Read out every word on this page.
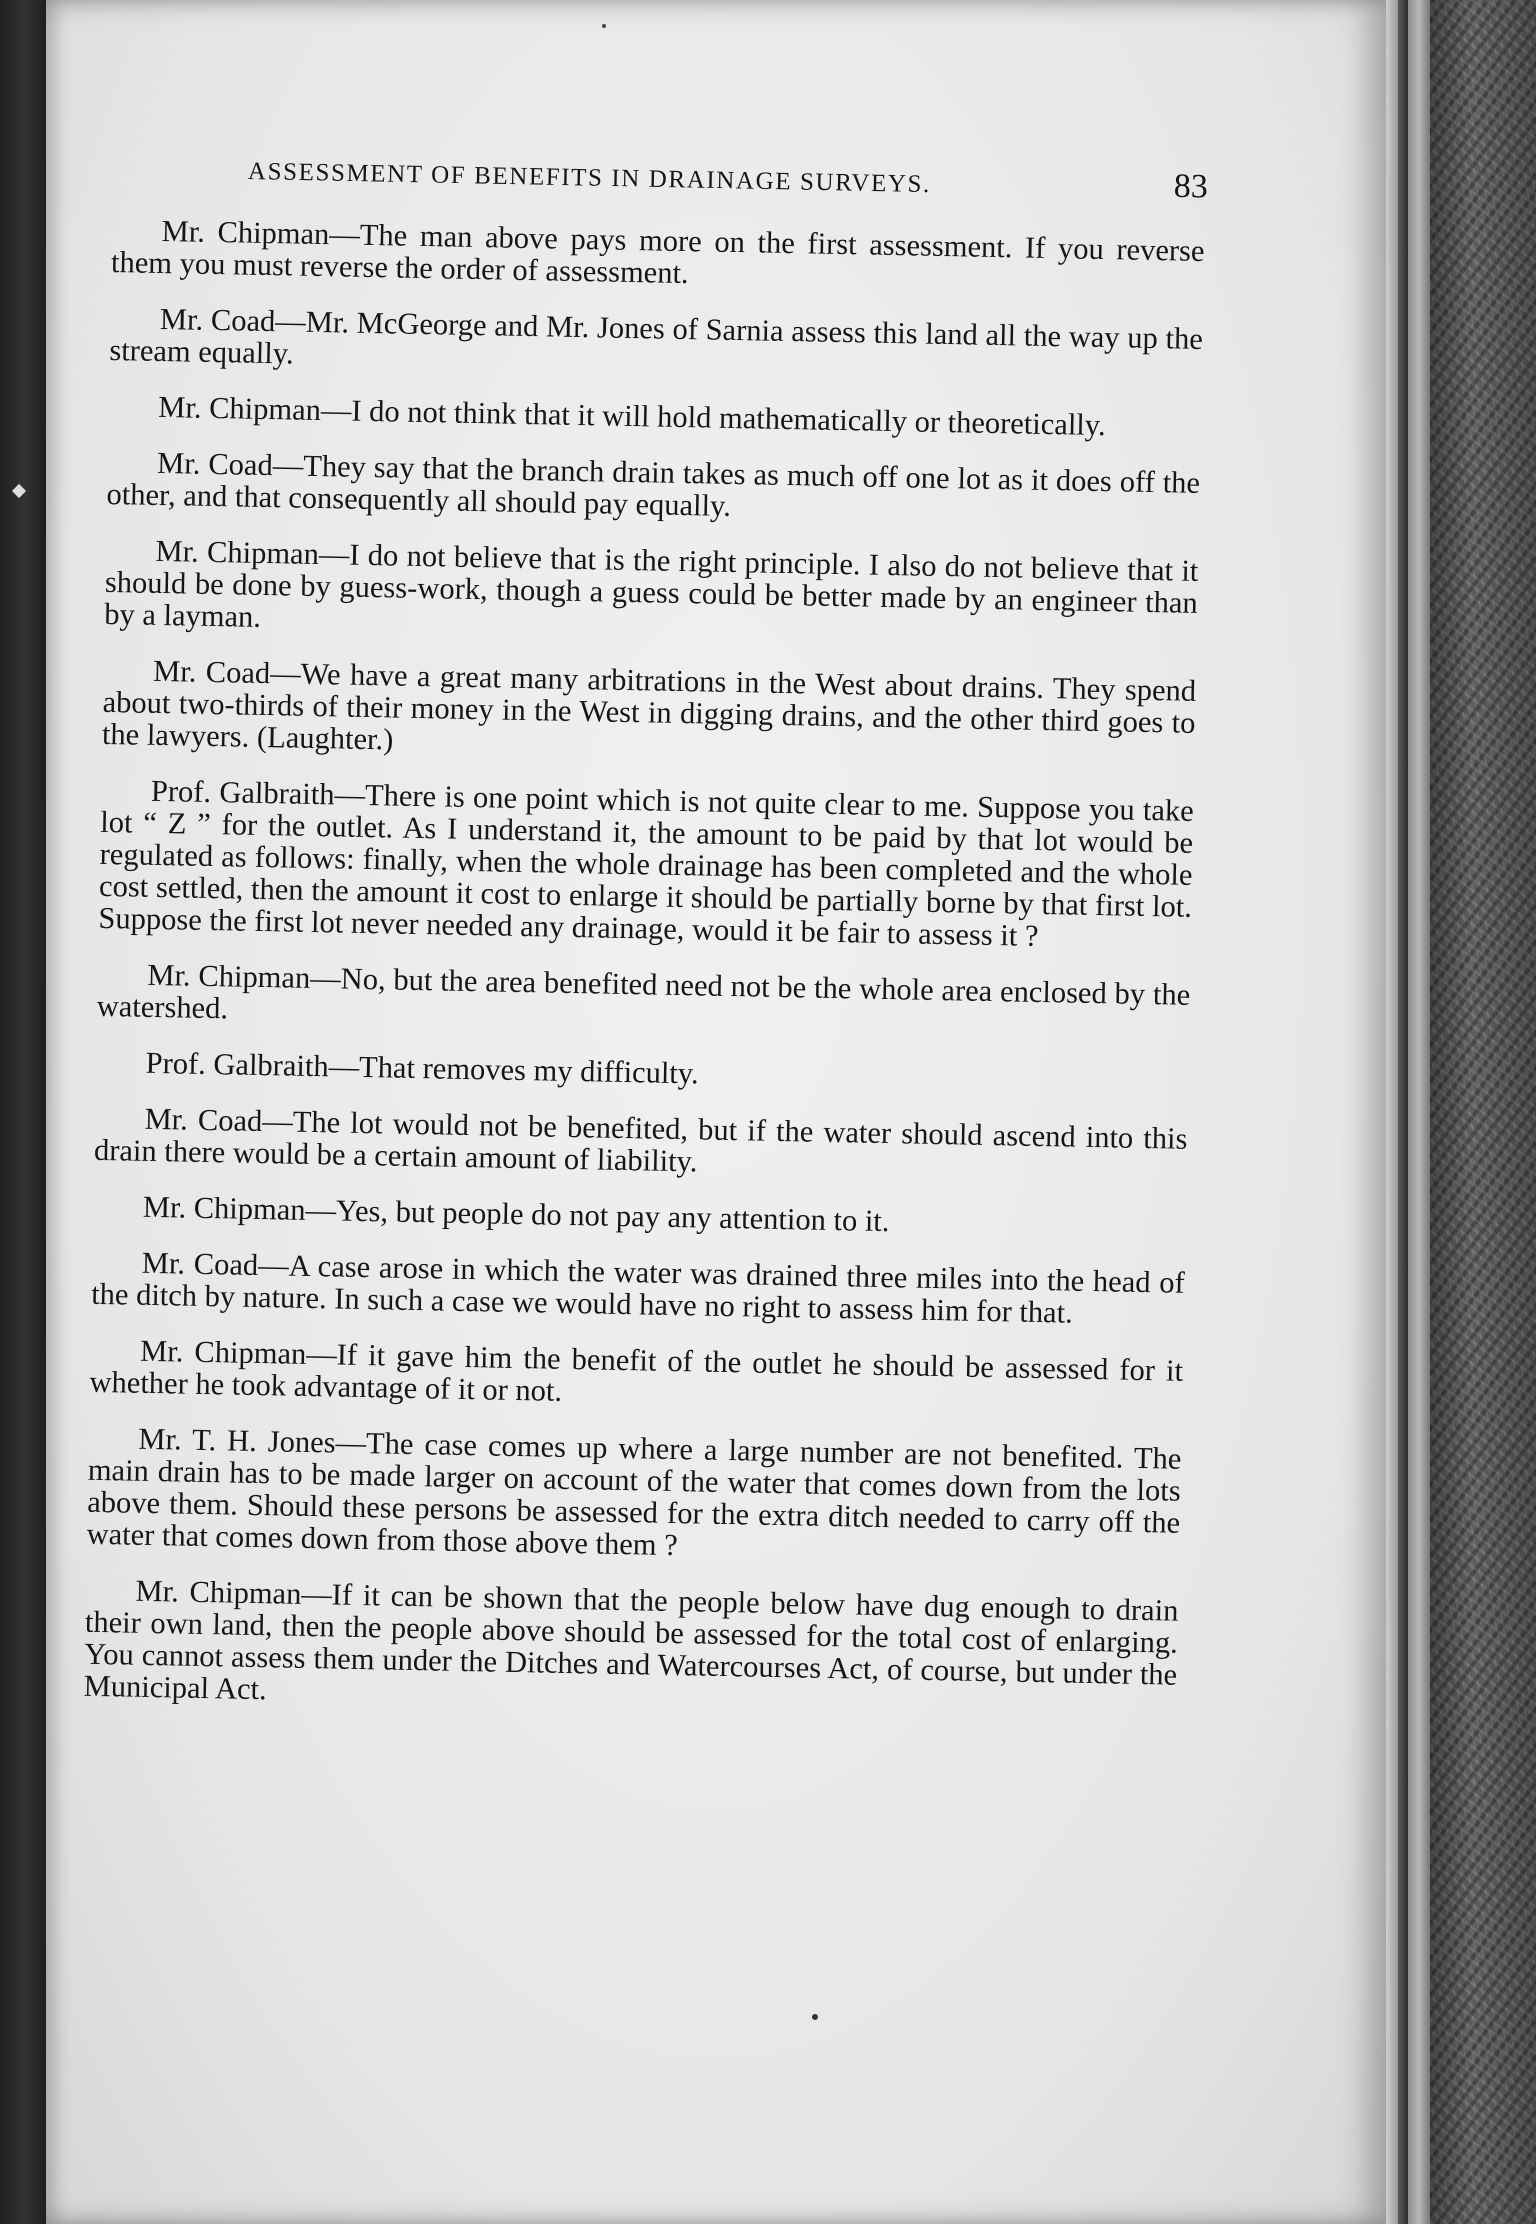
ASSESSMENT OF BENEFITS IN DRAINAGE SURVEYS.	83

Mr. Chipman—The man above pays more on the first assessment. If you reverse them you must reverse the order of assessment.

Mr. Coad—Mr. McGeorge and Mr. Jones of Sarnia assess this land all the way up the stream equally.

Mr. Chipman—I do not think that it will hold mathematically or theoretically.

Mr. Coad—They say that the branch drain takes as much off one lot as it does off the other, and that consequently all should pay equally.

Mr. Chipman—I do not believe that is the right principle. I also do not believe that it should be done by guess-work, though a guess could be better made by an engineer than by a layman.

Mr. Coad—We have a great many arbitrations in the West about drains. They spend about two-thirds of their money in the West in digging drains, and the other third goes to the lawyers. (Laughter.)

Prof. Galbraith—There is one point which is not quite clear to me. Suppose you take lot “ Z ” for the outlet. As I understand it, the amount to be paid by that lot would be regulated as follows: finally, when the whole drainage has been completed and the whole cost settled, then the amount it cost to enlarge it should be partially borne by that first lot. Suppose the first lot never needed any drainage, would it be fair to assess it ?

Mr. Chipman—No, but the area benefited need not be the whole area enclosed by the watershed.

Prof. Galbraith—That removes my difficulty.

Mr. Coad—The lot would not be benefited, but if the water should ascend into this drain there would be a certain amount of liability.

Mr. Chipman—Yes, but people do not pay any attention to it.

Mr. Coad—A case arose in which the water was drained three miles into the head of the ditch by nature. In such a case we would have no right to assess him for that.

Mr. Chipman—If it gave him the benefit of the outlet he should be assessed for it whether he took advantage of it or not.

Mr. T. H. Jones—The case comes up where a large number are not benefited. The main drain has to be made larger on account of the water that comes down from the lots above them. Should these persons be assessed for the extra ditch needed to carry off the water that comes down from those above them ?

Mr. Chipman—If it can be shown that the people below have dug enough to drain their own land, then the people above should be assessed for the total cost of enlarging. You cannot assess them under the Ditches and Watercourses Act, of course, but under the Municipal Act.
